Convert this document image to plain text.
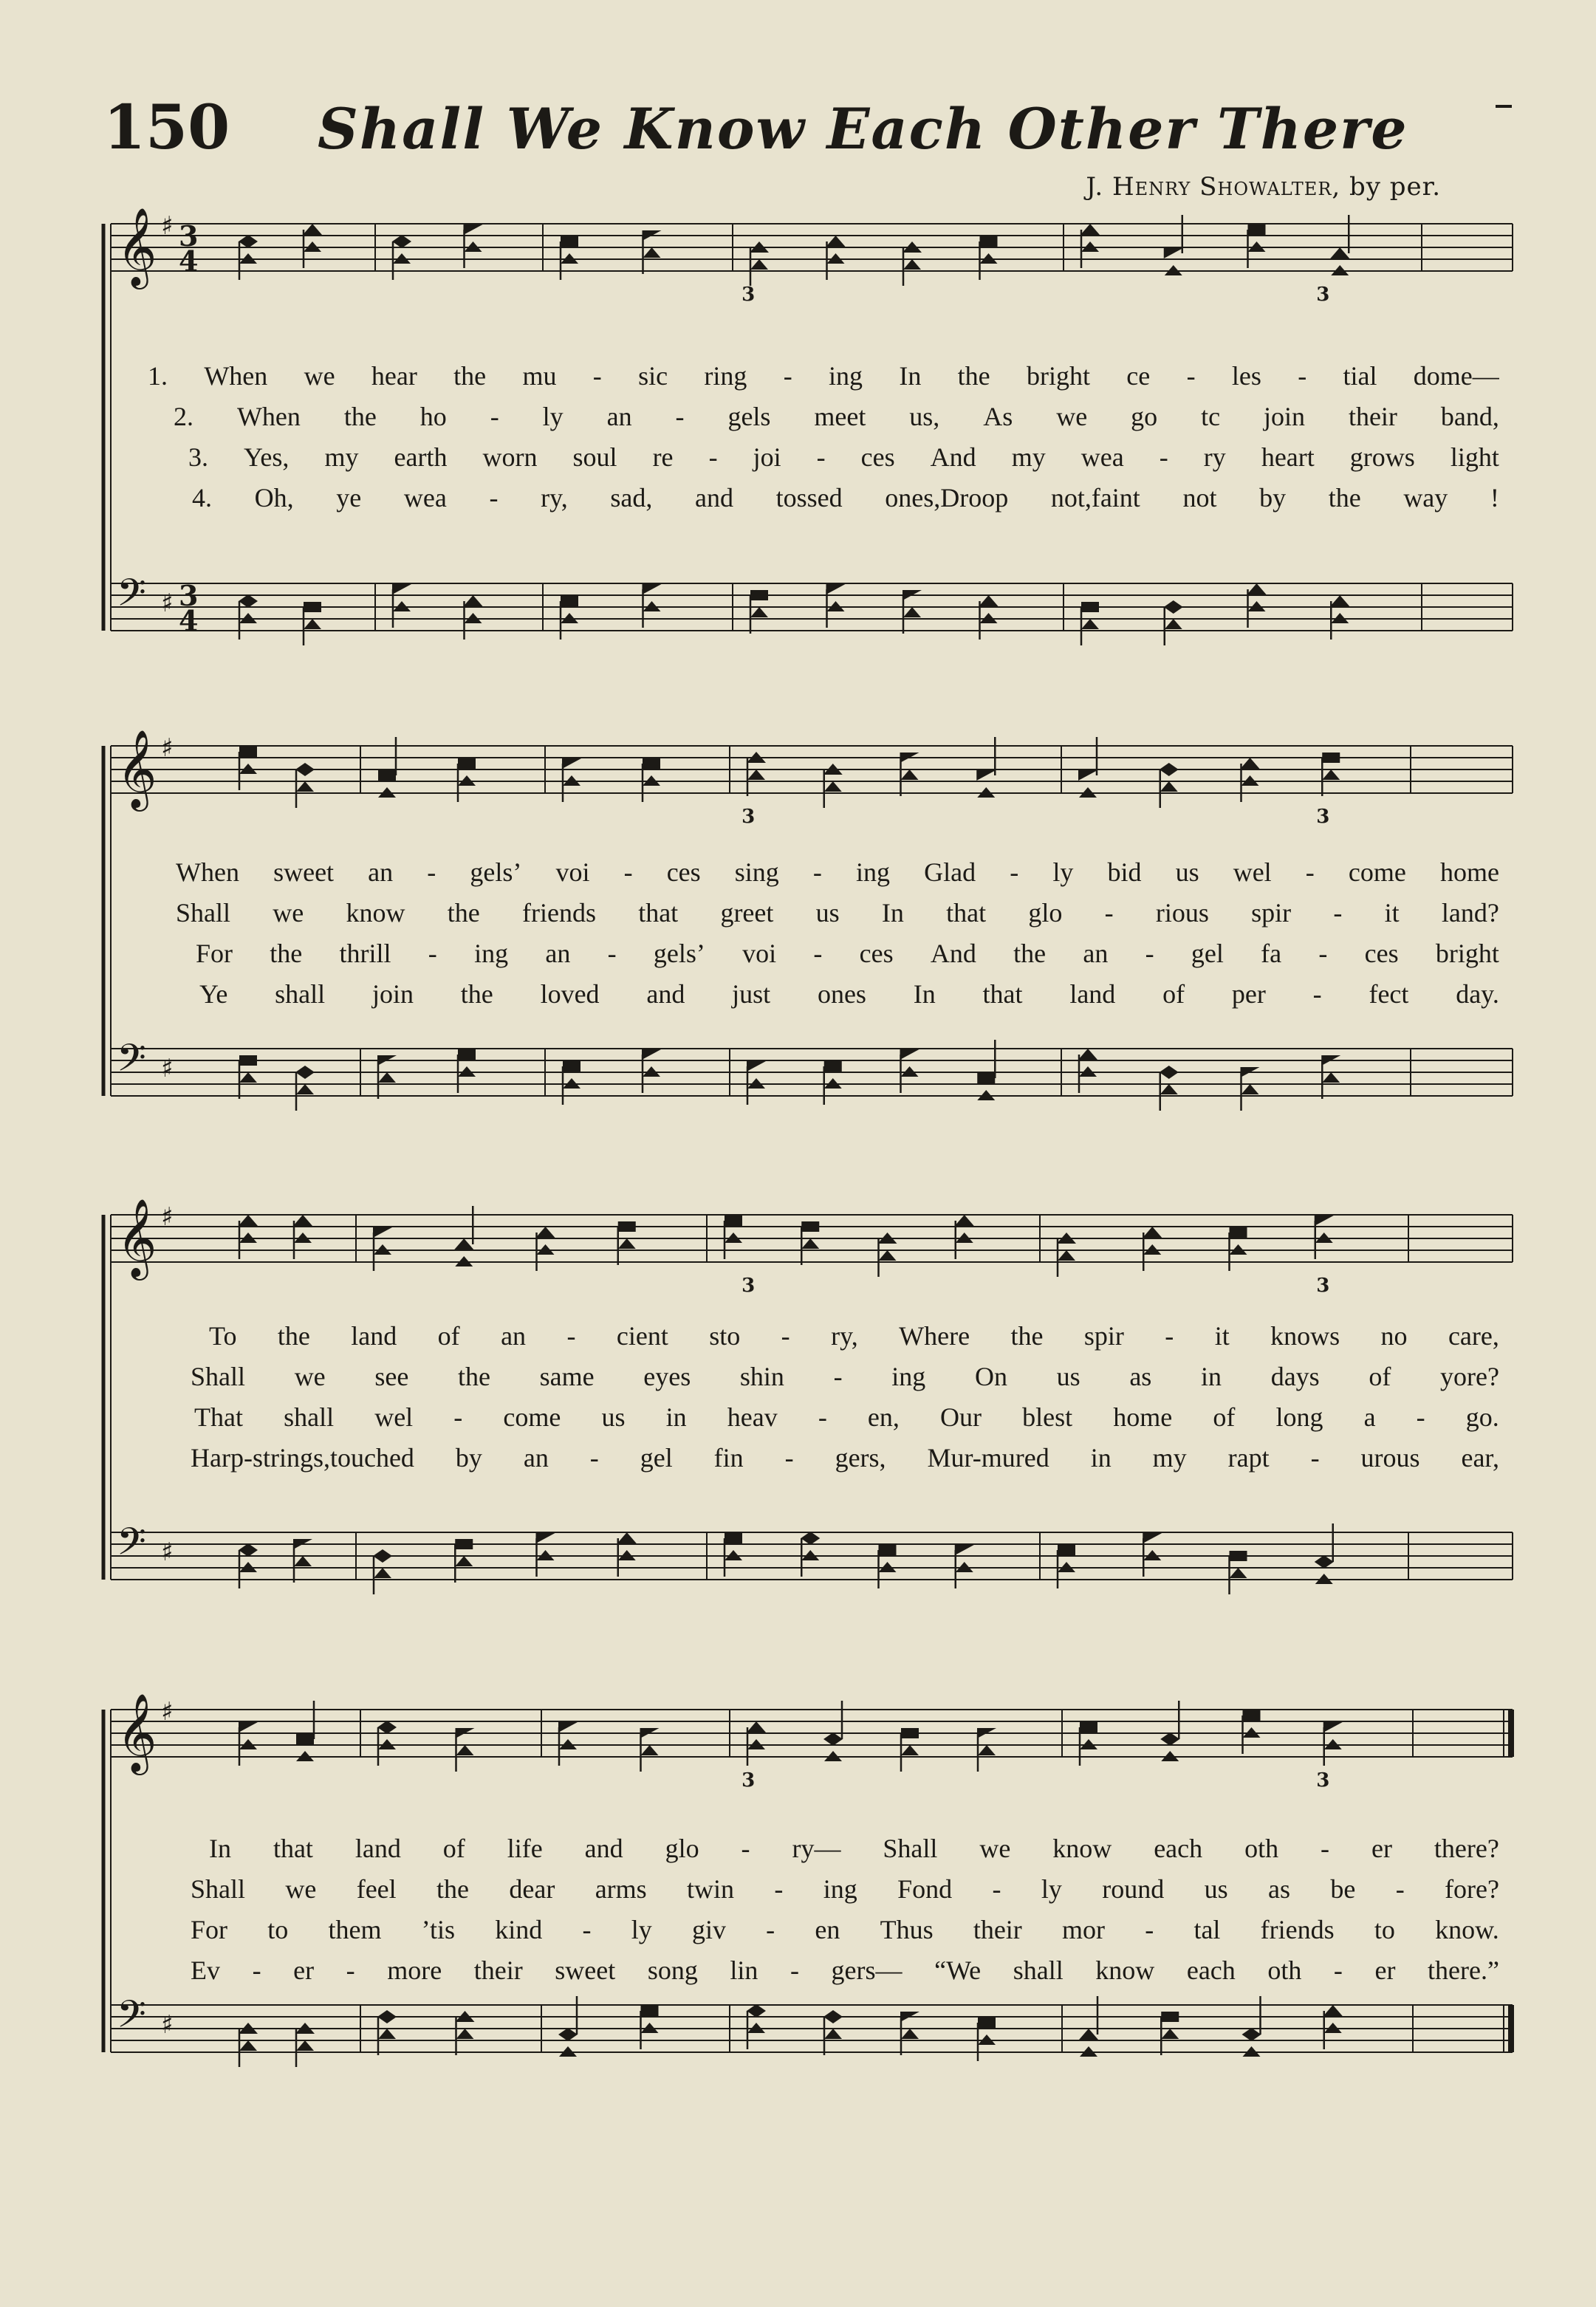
150 Shall We Know Each Other There
J. Henry Showalter, by per.
𝄞 ♯ 3
4
𝄢 ♯ 3
4
3	3
1. When we hear the mu - sic ring - ing In the bright ce - les - tial dome—
2. When the ho - ly an - gels meet us, As we go tc join their band,
3. Yes, my earth worn soul re - joi - ces And my wea - ry heart grows light
4. Oh, ye wea - ry, sad, and tossed ones,Droop not,faint not by the way !
𝄞 ♯
𝄢 ♯
3	3
When sweet an - gels’ voi - ces sing - ing Glad - ly bid us wel - come home
Shall we know the friends that greet us In that glo - rious spir - it land?
For the thrill - ing an - gels’ voi - ces And the an - gel fa - ces bright
Ye shall join the loved and just ones In that land of per - fect day.
𝄞 ♯
𝄢 ♯
3	3
To the land of an - cient sto - ry, Where the spir - it knows no care,
Shall we see the same eyes shin - ing On us as in days of yore?
That shall wel - come us in heav - en, Our blest home of long a - go.
Harp-strings,touched by an - gel fin - gers, Mur-mured in my rapt - urous ear,
𝄞 ♯
𝄢 ♯
3	3
In that land of life and glo - ry— Shall we know each oth - er there?
Shall we feel the dear arms twin - ing Fond - ly round us as be - fore?
For to them ’tis kind - ly giv - en Thus their mor - tal friends to know.
Ev - er - more their sweet song lin - gers— “We shall know each oth - er there.”
